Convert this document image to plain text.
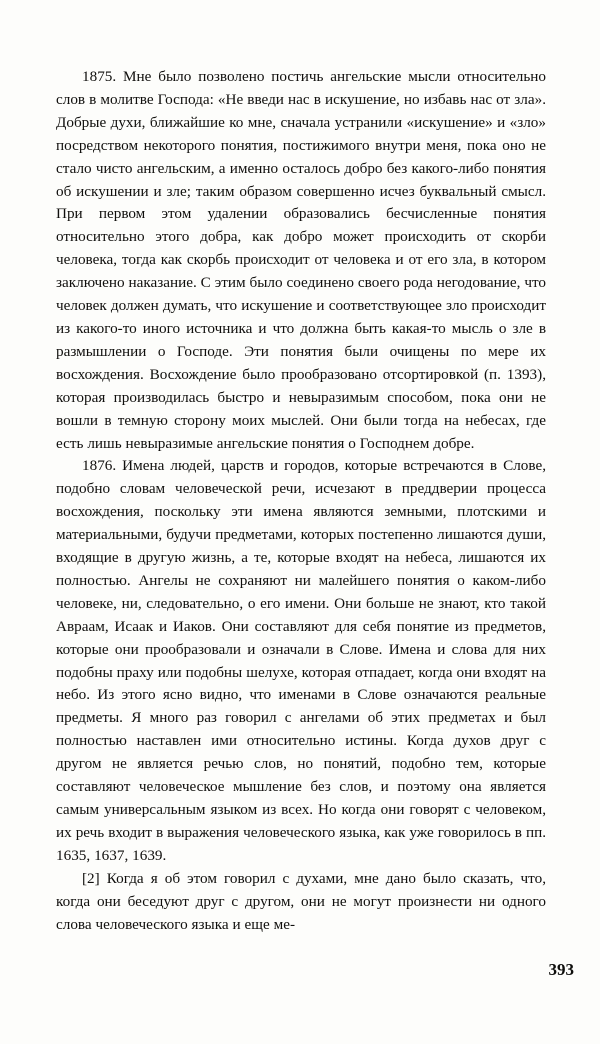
1875. Мне было позволено постичь ангельские мысли относительно слов в молитве Господа: «Не введи нас в искушение, но избавь нас от зла». Добрые духи, ближайшие ко мне, сначала устранили «искушение» и «зло» посредством некоторого понятия, постижимого внутри меня, пока оно не стало чисто ангельским, а именно осталось добро без какого-либо понятия об искушении и зле; таким образом совершенно исчез буквальный смысл. При первом этом удалении образовались бесчисленные понятия относительно этого добра, как добро может происходить от скорби человека, тогда как скорбь происходит от человека и от его зла, в котором заключено наказание. С этим было соединено своего рода негодование, что человек должен думать, что искушение и соответствующее зло происходит из какого-то иного источника и что должна быть какая-то мысль о зле в размышлении о Господе. Эти понятия были очищены по мере их восхождения. Восхождение было прообразовано отсортировкой (п. 1393), которая производилась быстро и невыразимым способом, пока они не вошли в темную сторону моих мыслей. Они были тогда на небесах, где есть лишь невыразимые ангельские понятия о Господнем добре.

1876. Имена людей, царств и городов, которые встречаются в Слове, подобно словам человеческой речи, исчезают в преддверии процесса восхождения, поскольку эти имена являются земными, плотскими и материальными, будучи предметами, которых постепенно лишаются души, входящие в другую жизнь, а те, которые входят на небеса, лишаются их полностью. Ангелы не сохраняют ни малейшего понятия о каком-либо человеке, ни, следовательно, о его имени. Они больше не знают, кто такой Авраам, Исаак и Иаков. Они составляют для себя понятие из предметов, которые они прообразовали и означали в Слове. Имена и слова для них подобны праху или подобны шелухе, которая отпадает, когда они входят на небо. Из этого ясно видно, что именами в Слове означаются реальные предметы. Я много раз говорил с ангелами об этих предметах и был полностью наставлен ими относительно истины. Когда духов друг с другом не является речью слов, но понятий, подобно тем, которые составляют человеческое мышление без слов, и поэтому она является самым универсальным языком из всех. Но когда они говорят с человеком, их речь входит в выражения человеческого языка, как уже говорилось в пп. 1635, 1637, 1639.

[2] Когда я об этом говорил с духами, мне дано было сказать, что, когда они беседуют друг с другом, они не могут произнести ни одного слова человеческого языка и еще ме-

393
